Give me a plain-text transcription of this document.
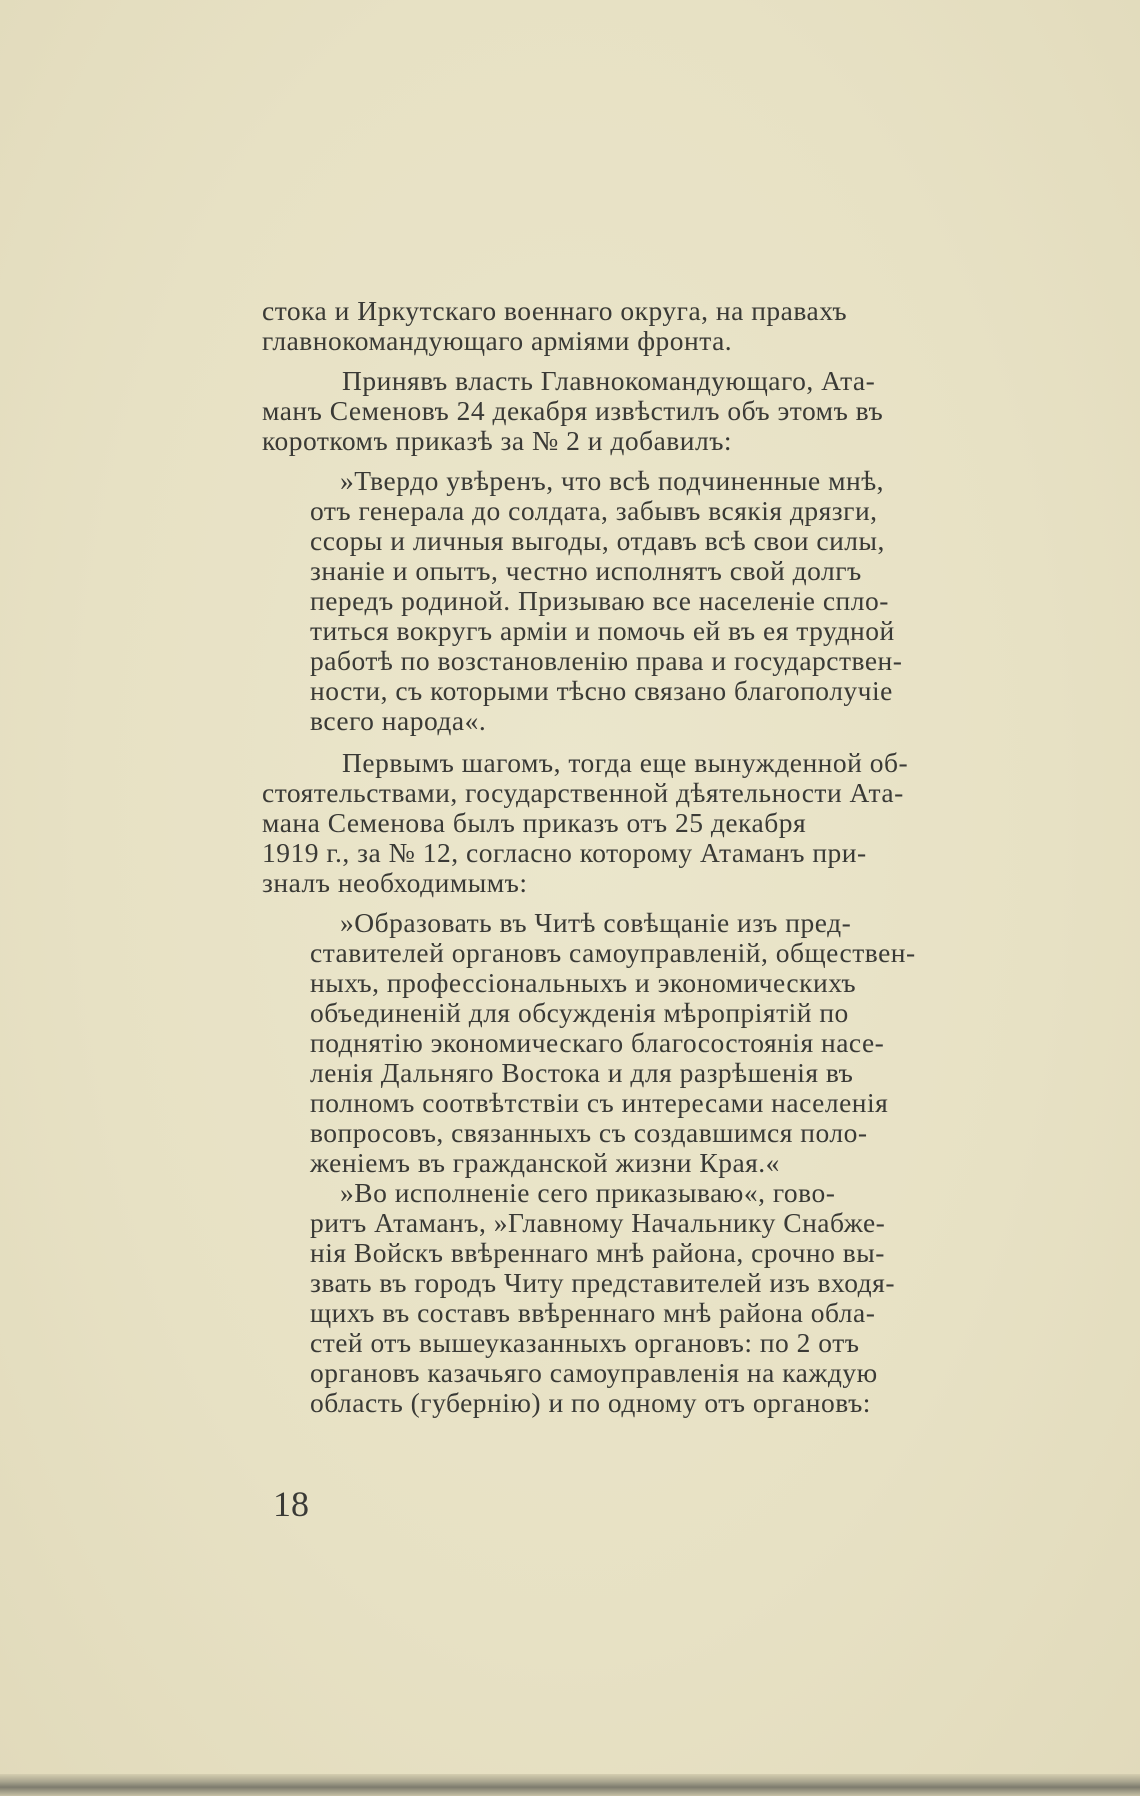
стока и Иркутскаго военнаго округа, на правахъ
главнокомандующаго арміями фронта.

Принявъ власть Главнокомандующаго, Ата-
манъ Семеновъ 24 декабря извѣстилъ объ этомъ въ
короткомъ приказѣ за № 2 и добавилъ:

»Твердо увѣренъ, что всѣ подчиненные мнѣ,
отъ генерала до солдата, забывъ всякія дрязги,
ссоры и личныя выгоды, отдавъ всѣ свои силы,
знаніе и опытъ, честно исполнятъ свой долгъ
передъ родиной. Призываю все населеніе спло-
титься вокругъ арміи и помочь ей въ ея трудной
работѣ по возстановленію права и государствен-
ности, съ которыми тѣсно связано благополучіе
всего народа«.

Первымъ шагомъ, тогда еще вынужденной об-
стоятельствами, государственной дѣятельности Ата-
мана Семенова былъ приказъ отъ 25 декабря
1919 г., за № 12, согласно которому Атаманъ при-
зналъ необходимымъ:

»Образовать въ Читѣ совѣщаніе изъ пред-
ставителей органовъ самоуправленій, обществен-
ныхъ, профессіональныхъ и экономическихъ
объединеній для обсужденія мѣропріятій по
поднятію экономическаго благосостоянія насе-
ленія Дальняго Востока и для разрѣшенія въ
полномъ соотвѣтствіи съ интересами населенія
вопросовъ, связанныхъ съ создавшимся поло-
женіемъ въ гражданской жизни Края.«

»Во исполненіе сего приказываю«, гово-
ритъ Атаманъ, »Главному Начальнику Снабже-
нія Войскъ ввѣреннаго мнѣ района, срочно вы-
звать въ городъ Читу представителей изъ входя-
щихъ въ составъ ввѣреннаго мнѣ района обла-
стей отъ вышеуказанныхъ органовъ: по 2 отъ
органовъ казачьяго самоуправленія на каждую
область (губернію) и по одному отъ органовъ:

18
